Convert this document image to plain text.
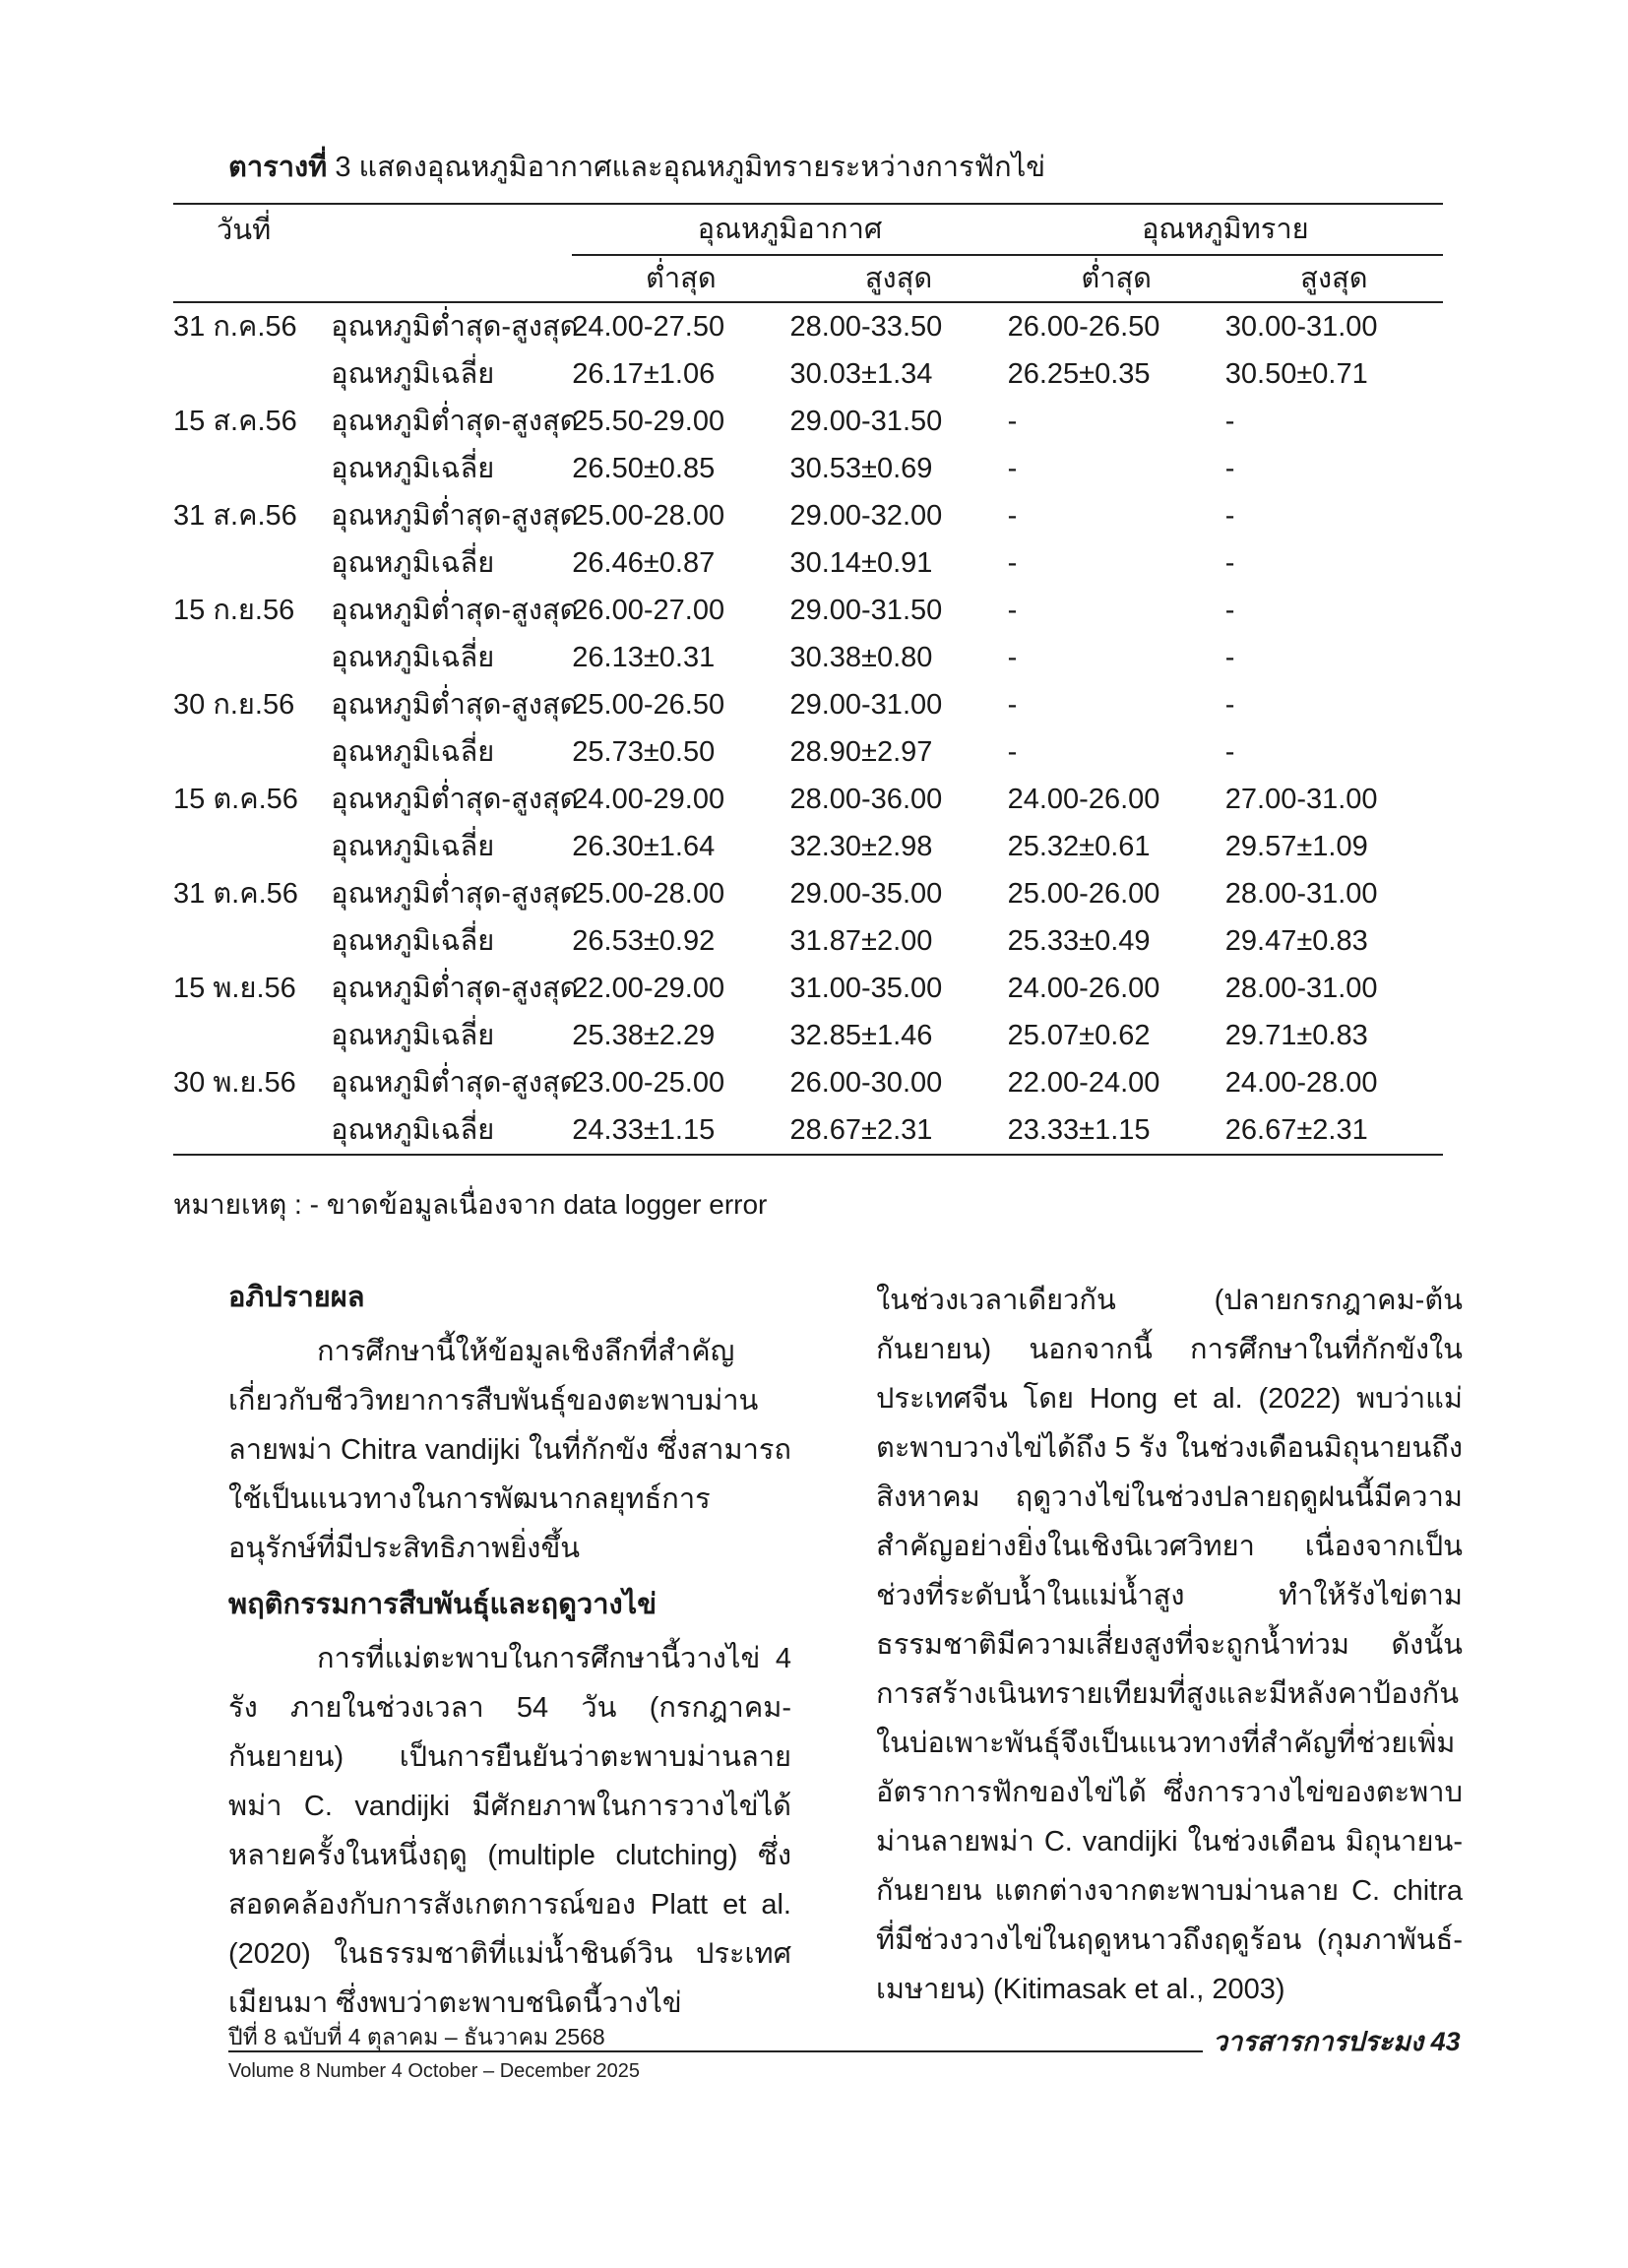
ตารางที่ 3 แสดงอุณหภูมิอากาศและอุณหภูมิทรายระหว่างการฟักไข่
วันที่		อุณหภูมิอากาศ		อุณหภูมิทราย	
		ต่ำสุด	สูงสุด	ต่ำสุด	สูงสุด
31 ก.ค.56	อุณหภูมิต่ำสุด-สูงสุด	24.00-27.50	28.00-33.50	26.00-26.50	30.00-31.00
	อุณหภูมิเฉลี่ย	26.17±1.06	30.03±1.34	26.25±0.35	30.50±0.71
15 ส.ค.56	อุณหภูมิต่ำสุด-สูงสุด	25.50-29.00	29.00-31.50	-	-
	อุณหภูมิเฉลี่ย	26.50±0.85	30.53±0.69	-	-
31 ส.ค.56	อุณหภูมิต่ำสุด-สูงสุด	25.00-28.00	29.00-32.00	-	-
	อุณหภูมิเฉลี่ย	26.46±0.87	30.14±0.91	-	-
15 ก.ย.56	อุณหภูมิต่ำสุด-สูงสุด	26.00-27.00	29.00-31.50	-	-
	อุณหภูมิเฉลี่ย	26.13±0.31	30.38±0.80	-	-
30 ก.ย.56	อุณหภูมิต่ำสุด-สูงสุด	25.00-26.50	29.00-31.00	-	-
	อุณหภูมิเฉลี่ย	25.73±0.50	28.90±2.97	-	-
15 ต.ค.56	อุณหภูมิต่ำสุด-สูงสุด	24.00-29.00	28.00-36.00	24.00-26.00	27.00-31.00
	อุณหภูมิเฉลี่ย	26.30±1.64	32.30±2.98	25.32±0.61	29.57±1.09
31 ต.ค.56	อุณหภูมิต่ำสุด-สูงสุด	25.00-28.00	29.00-35.00	25.00-26.00	28.00-31.00
	อุณหภูมิเฉลี่ย	26.53±0.92	31.87±2.00	25.33±0.49	29.47±0.83
15 พ.ย.56	อุณหภูมิต่ำสุด-สูงสุด	22.00-29.00	31.00-35.00	24.00-26.00	28.00-31.00
	อุณหภูมิเฉลี่ย	25.38±2.29	32.85±1.46	25.07±0.62	29.71±0.83
30 พ.ย.56	อุณหภูมิต่ำสุด-สูงสุด	23.00-25.00	26.00-30.00	22.00-24.00	24.00-28.00
	อุณหภูมิเฉลี่ย	24.33±1.15	28.67±2.31	23.33±1.15	26.67±2.31
หมายเหตุ : - ขาดข้อมูลเนื่องจาก data logger error

อภิปรายผล

การศึกษานี้ให้ข้อมูลเชิงลึกที่สำคัญเกี่ยวกับชีววิทยาการสืบพันธุ์ของตะพาบม่านลายพม่า Chitra vandijki ในที่กักขัง ซึ่งสามารถใช้เป็นแนวทางในการพัฒนากลยุทธ์การอนุรักษ์ที่มีประสิทธิภาพยิ่งขึ้น

พฤติกรรมการสืบพันธุ์และฤดูวางไข่

การที่แม่ตะพาบในการศึกษานี้วางไข่ 4 รัง ภายในช่วงเวลา 54 วัน (กรกฎาคม-กันยายน) เป็นการยืนยันว่าตะพาบม่านลายพม่า C. vandijki มีศักยภาพในการวางไข่ได้หลายครั้งในหนึ่งฤดู (multiple clutching) ซึ่งสอดคล้องกับการสังเกตการณ์ของ Platt et al. (2020) ในธรรมชาติที่แม่น้ำชินด์วิน ประเทศเมียนมา ซึ่งพบว่าตะพาบชนิดนี้วางไข่

ในช่วงเวลาเดียวกัน (ปลายกรกฎาคม-ต้นกันยายน) นอกจากนี้ การศึกษาในที่กักขังในประเทศจีน โดย Hong et al. (2022) พบว่าแม่ตะพาบวางไข่ได้ถึง 5 รัง ในช่วงเดือนมิถุนายนถึงสิงหาคม ฤดูวางไข่ในช่วงปลายฤดูฝนนี้มีความสำคัญอย่างยิ่งในเชิงนิเวศวิทยา เนื่องจากเป็นช่วงที่ระดับน้ำในแม่น้ำสูง ทำให้รังไข่ตามธรรมชาติมีความเสี่ยงสูงที่จะถูกน้ำท่วม ดังนั้น การสร้างเนินทรายเทียมที่สูงและมีหลังคาป้องกันในบ่อเพาะพันธุ์จึงเป็นแนวทางที่สำคัญที่ช่วยเพิ่มอัตราการฟักของไข่ได้ ซึ่งการวางไข่ของตะพาบม่านลายพม่า C. vandijki ในช่วงเดือน มิถุนายน-กันยายน แตกต่างจากตะพาบม่านลาย C. chitra ที่มีช่วงวางไข่ในฤดูหนาวถึงฤดูร้อน (กุมภาพันธ์-เมษายน) (Kitimasak et al., 2003)

ปีที่ 8 ฉบับที่ 4 ตุลาคม – ธันวาคม 2568
Volume 8 Number 4 October – December 2025
วารสารการประมง 43
